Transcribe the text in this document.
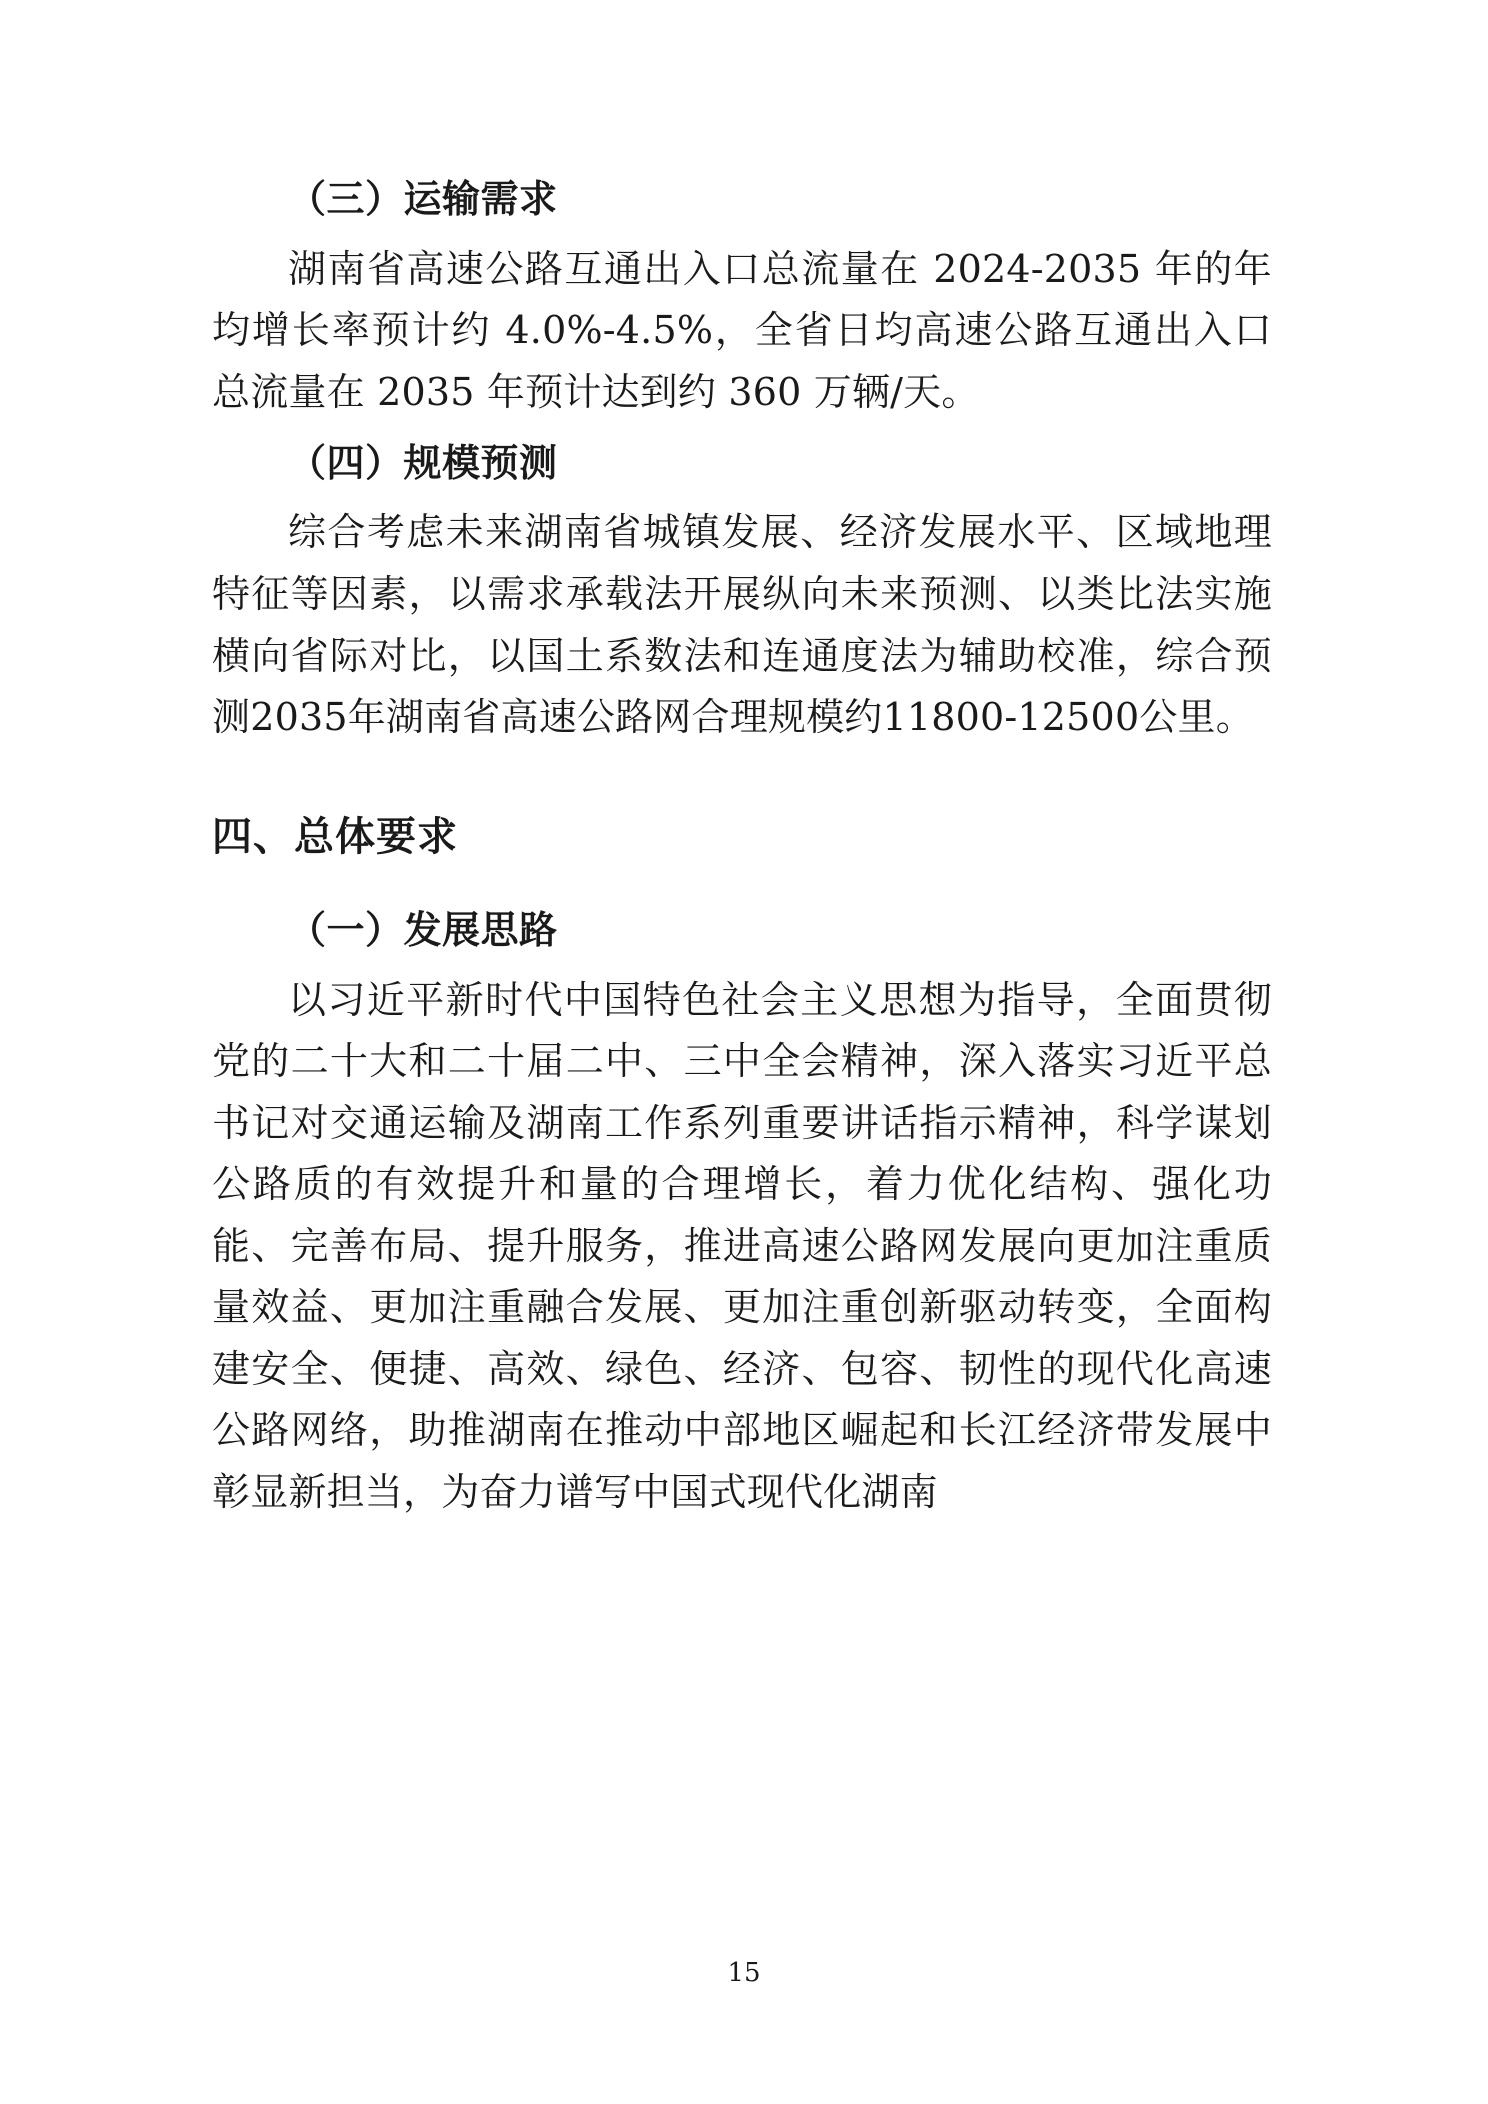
（三）运输需求
湖南省高速公路互通出入口总流量在 2024-2035 年的年均增长率预计约 4.0%-4.5%，全省日均高速公路互通出入口总流量在 2035 年预计达到约 360 万辆/天。
（四）规模预测
综合考虑未来湖南省城镇发展、经济发展水平、区域地理特征等因素，以需求承载法开展纵向未来预测、以类比法实施横向省际对比，以国土系数法和连通度法为辅助校准，综合预测2035年湖南省高速公路网合理规模约11800-12500公里。
四、总体要求
（一）发展思路
以习近平新时代中国特色社会主义思想为指导，全面贯彻党的二十大和二十届二中、三中全会精神，深入落实习近平总书记对交通运输及湖南工作系列重要讲话指示精神，科学谋划公路质的有效提升和量的合理增长，着力优化结构、强化功能、完善布局、提升服务，推进高速公路网发展向更加注重质量效益、更加注重融合发展、更加注重创新驱动转变，全面构建安全、便捷、高效、绿色、经济、包容、韧性的现代化高速公路网络，助推湖南在推动中部地区崛起和长江经济带发展中彰显新担当，为奋力谱写中国式现代化湖南
15
